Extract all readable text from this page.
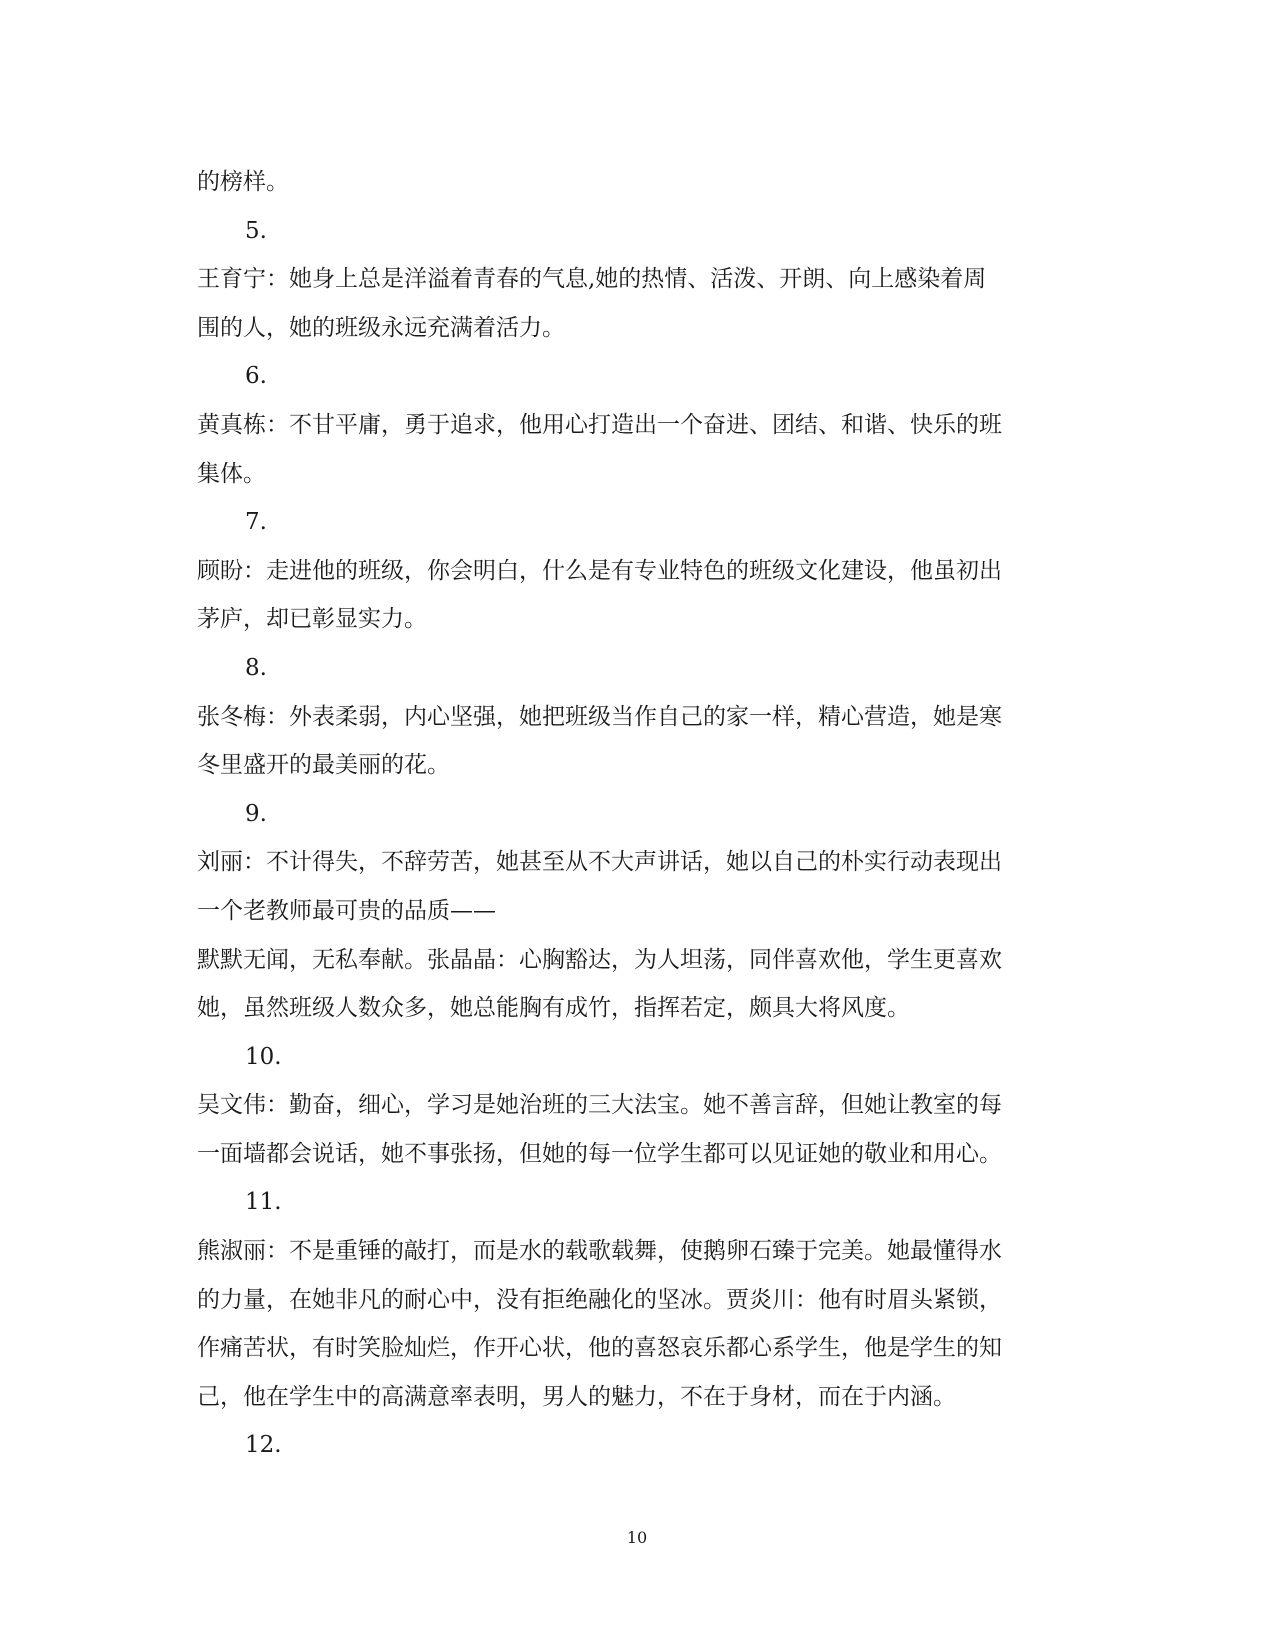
的榜样。
5.
王育宁：她身上总是洋溢着青春的气息,她的热情、活泼、开朗、向上感染着周
围的人，她的班级永远充满着活力。
6.
黄真栋：不甘平庸，勇于追求，他用心打造出一个奋进、团结、和谐、快乐的班
集体。
7.
顾盼：走进他的班级，你会明白，什么是有专业特色的班级文化建设，他虽初出
茅庐，却已彰显实力。
8.
张冬梅：外表柔弱，内心坚强，她把班级当作自己的家一样，精心营造，她是寒
冬里盛开的最美丽的花。
9.
刘丽：不计得失，不辞劳苦，她甚至从不大声讲话，她以自己的朴实行动表现出
一个老教师最可贵的品质——
默默无闻，无私奉献。张晶晶：心胸豁达，为人坦荡，同伴喜欢他，学生更喜欢
她，虽然班级人数众多，她总能胸有成竹，指挥若定，颇具大将风度。
10.
吴文伟：勤奋，细心，学习是她治班的三大法宝。她不善言辞，但她让教室的每
一面墙都会说话，她不事张扬，但她的每一位学生都可以见证她的敬业和用心。
11.
熊淑丽：不是重锤的敲打，而是水的载歌载舞，使鹅卵石臻于完美。她最懂得水
的力量，在她非凡的耐心中，没有拒绝融化的坚冰。贾炎川：他有时眉头紧锁，
作痛苦状，有时笑脸灿烂，作开心状，他的喜怒哀乐都心系学生，他是学生的知
己，他在学生中的高满意率表明，男人的魅力，不在于身材，而在于内涵。
12.
10
